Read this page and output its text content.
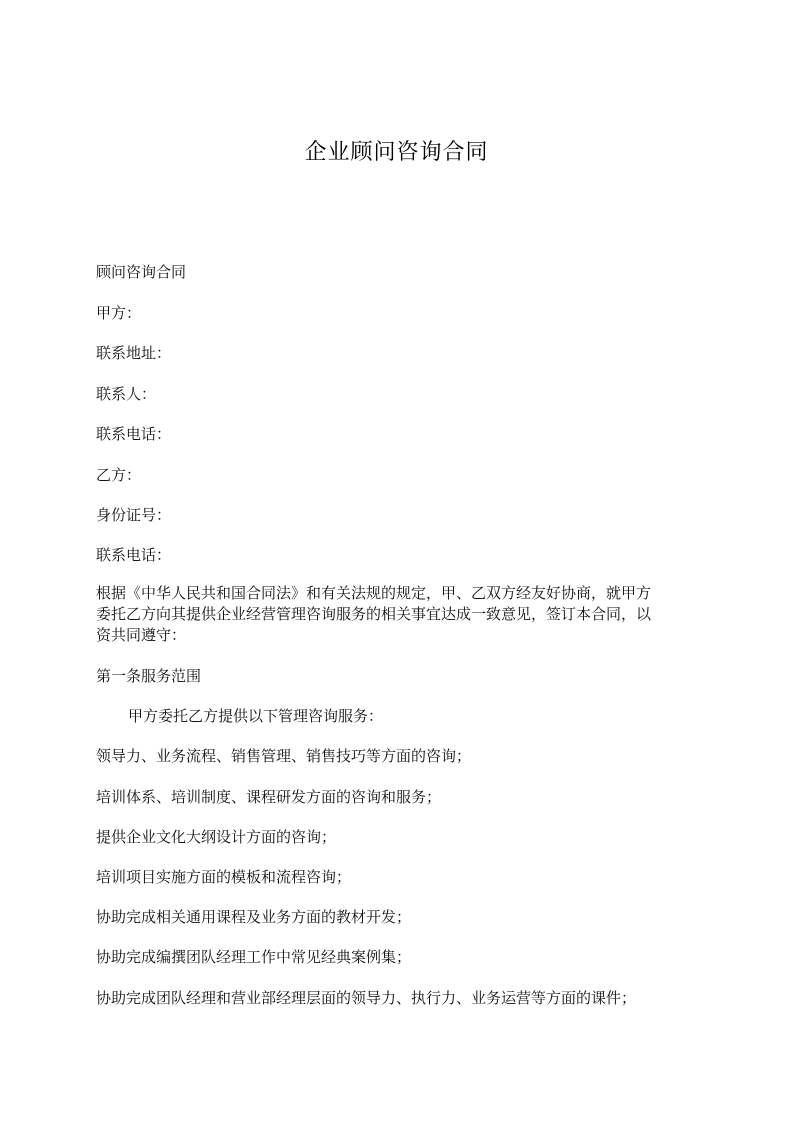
企业顾问咨询合同
顾问咨询合同
甲方：
联系地址：
联系人：
联系电话：
乙方：
身份证号：
联系电话：
根据《中华人民共和国合同法》和有关法规的规定，甲、乙双方经友好协商，就甲方
委托乙方向其提供企业经营管理咨询服务的相关事宜达成一致意见，签订本合同，以
资共同遵守：
第一条服务范围
甲方委托乙方提供以下管理咨询服务：
领导力、业务流程、销售管理、销售技巧等方面的咨询；
培训体系、培训制度、课程研发方面的咨询和服务；
提供企业文化大纲设计方面的咨询；
培训项目实施方面的模板和流程咨询；
协助完成相关通用课程及业务方面的教材开发；
协助完成编撰团队经理工作中常见经典案例集；
协助完成团队经理和营业部经理层面的领导力、执行力、业务运营等方面的课件；
